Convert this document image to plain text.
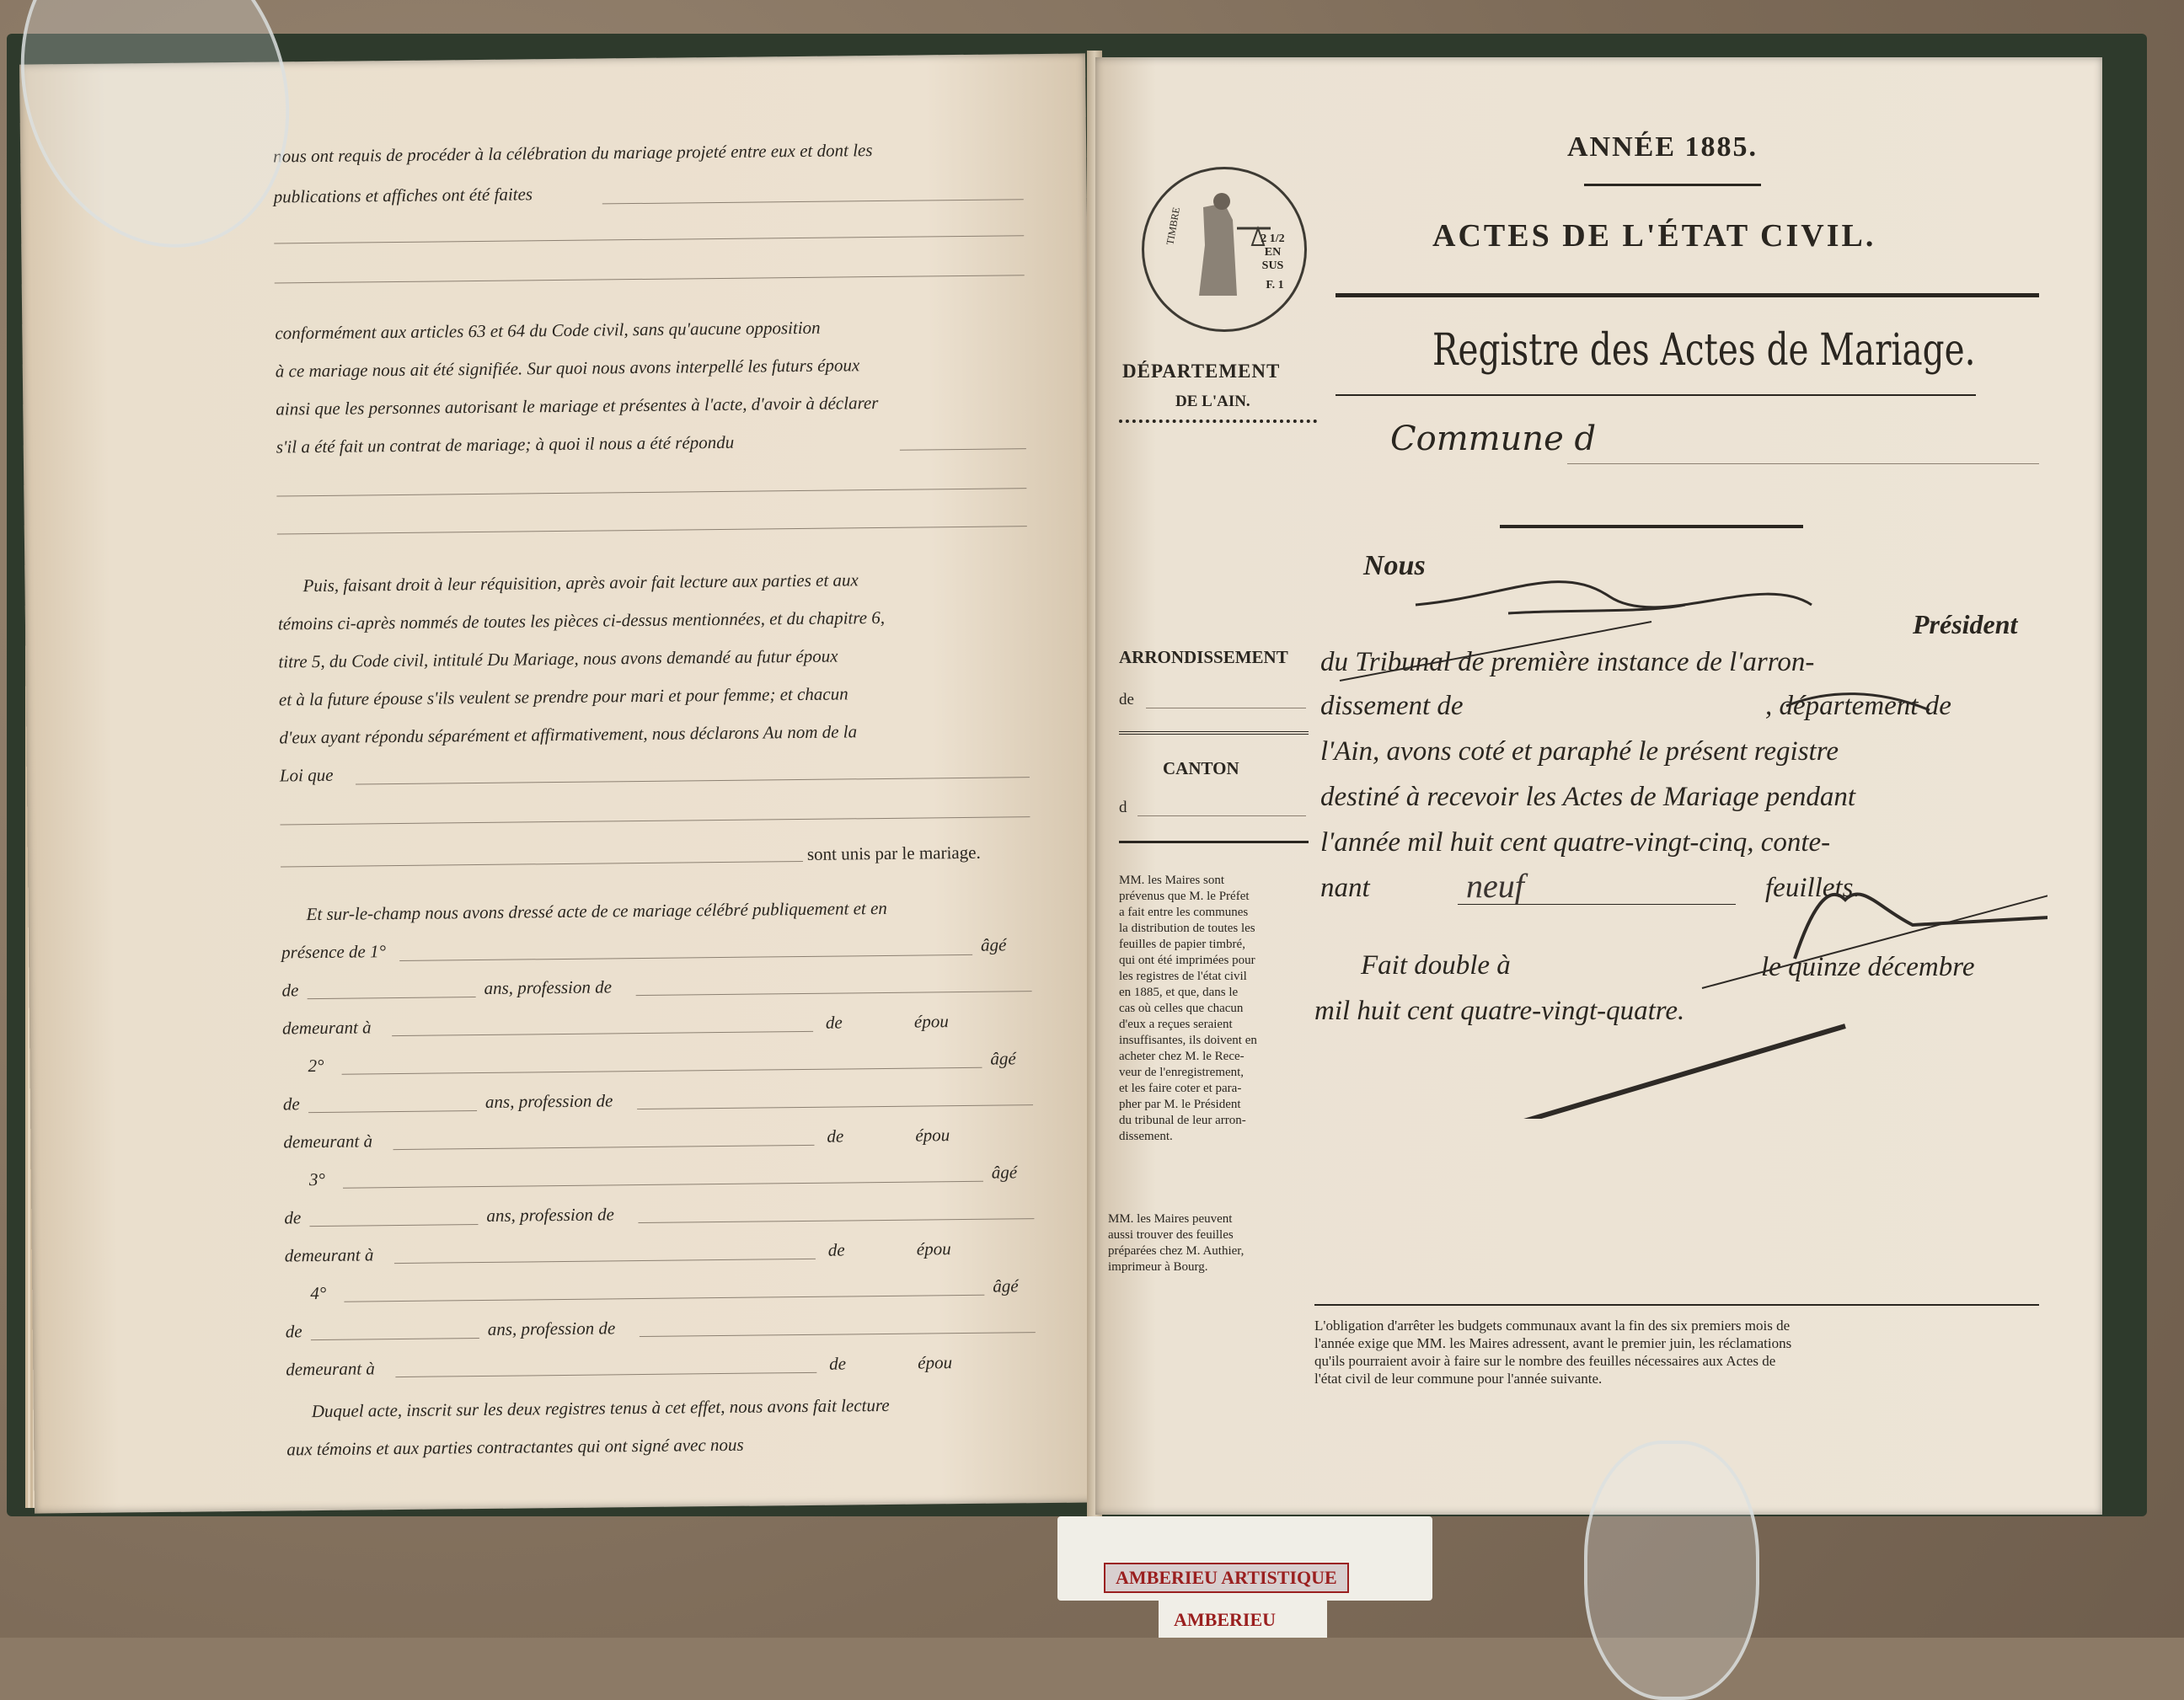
nous ont requis de procéder à la célébration du mariage projeté entre eux et dont les
publications et affiches ont été faites
conformément aux articles 63 et 64 du Code civil, sans qu'aucune opposition
à ce mariage nous ait été signifiée. Sur quoi nous avons interpellé les futurs époux
ainsi que les personnes autorisant le mariage et présentes à l'acte, d'avoir à déclarer
s'il a été fait un contrat de mariage; à quoi il nous a été répondu
Puis, faisant droit à leur réquisition, après avoir fait lecture aux parties et aux
témoins ci-après nommés de toutes les pièces ci-dessus mentionnées, et du chapitre 6,
titre 5, du Code civil, intitulé Du Mariage, nous avons demandé au futur époux
et à la future épouse s'ils veulent se prendre pour mari et pour femme; et chacun
d'eux ayant répondu séparément et affirmativement, nous déclarons Au nom de la
Loi que
sont unis par le mariage.
Et sur-le-champ nous avons dressé acte de ce mariage célébré publiquement et en
présence de 1°	âgé
de	ans, profession de
demeurant à	de	épou
2°	âgé
de	ans, profession de
demeurant à	de	épou
3°	âgé
de	ans, profession de
demeurant à	de	épou
4°	âgé
de	ans, profession de
demeurant à	de	épou
Duquel acte, inscrit sur les deux registres tenus à cet effet, nous avons fait lecture
aux témoins et aux parties contractantes qui ont signé avec nous
ANNÉE 1885.
ACTES DE L'ÉTAT CIVIL.
Registre des Actes de Mariage.
TIMBRE	2 1/2 EN SUS
F. 1
DÉPARTEMENT
DE L'AIN.
Commune d
Nous
Président
ARRONDISSEMENT
de
CANTON
d
du Tribunal de première instance de l'arron-
dissement de	, département de
l'Ain, avons coté et paraphé le présent registre
destiné à recevoir les Actes de Mariage pendant
l'année mil huit cent quatre-vingt-cinq, conte-
nant	neuf	feuillets.
Fait double à	le quinze décembre
mil huit cent quatre-vingt-quatre.
MM. les Maires sont
prévenus que M. le Préfet
a fait entre les communes
la distribution de toutes les
feuilles de papier timbré,
qui ont été imprimées pour
les registres de l'état civil
en 1885, et que, dans le
cas où celles que chacun
d'eux a reçues seraient
insuffisantes, ils doivent en
acheter chez M. le Rece-
veur de l'enregistrement,
et les faire coter et para-
pher par M. le Président
du tribunal de leur arron-
dissement.
MM. les Maires peuvent
aussi trouver des feuilles
préparées chez M. Authier,
imprimeur à Bourg.
L'obligation d'arrêter les budgets communaux avant la fin des six premiers mois de
l'année exige que MM. les Maires adressent, avant le premier juin, les réclamations
qu'ils pourraient avoir à faire sur le nombre des feuilles nécessaires aux Actes de
l'état civil de leur commune pour l'année suivante.
AMBERIEU ARTISTIQUE
AMBERIEU
